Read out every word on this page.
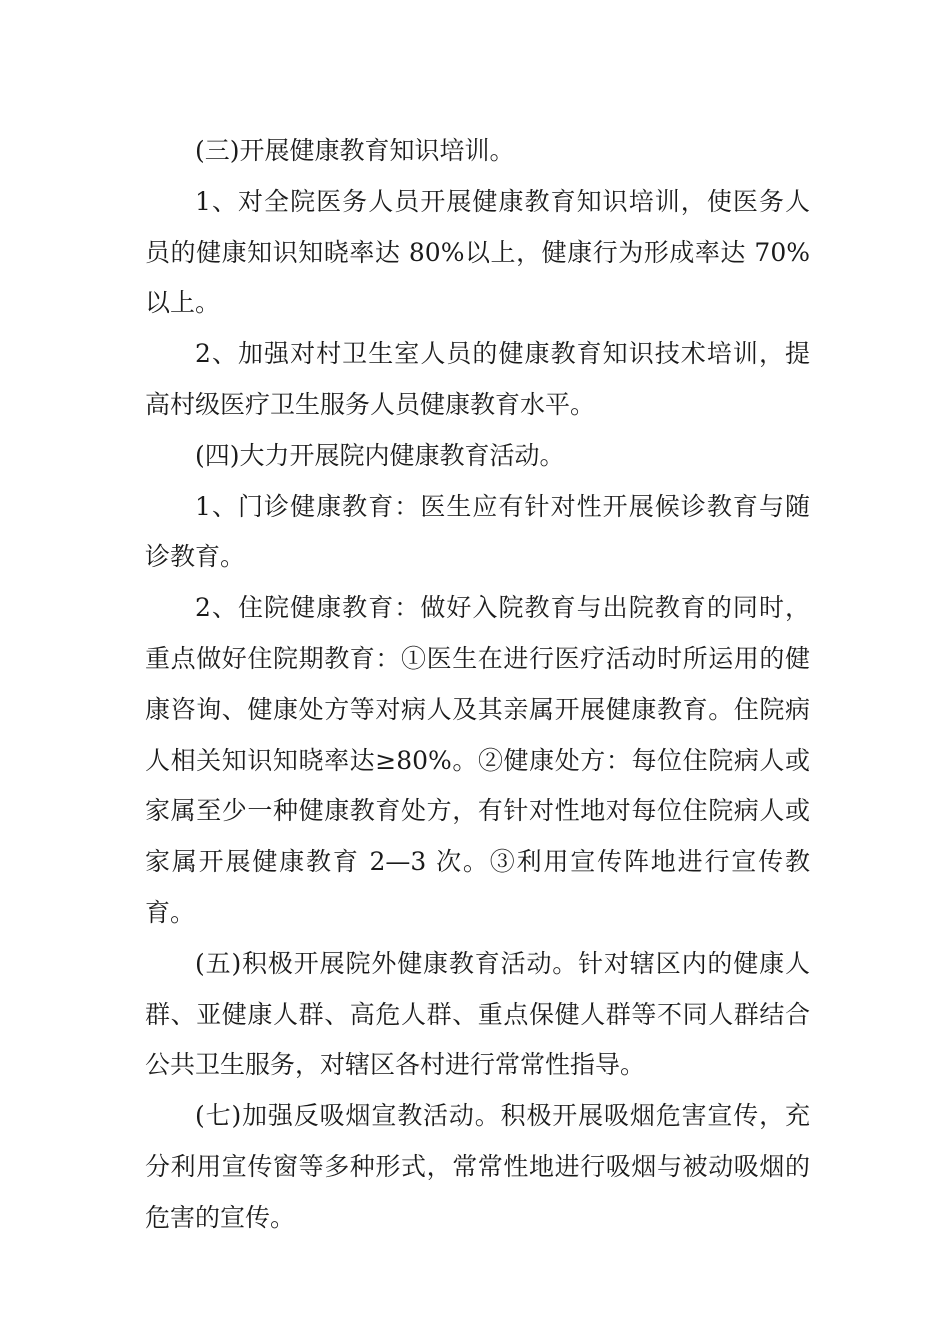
(三)开展健康教育知识培训。

1、对全院医务人员开展健康教育知识培训，使医务人员的健康知识知晓率达 80%以上，健康行为形成率达 70%以上。

2、加强对村卫生室人员的健康教育知识技术培训，提高村级医疗卫生服务人员健康教育水平。

(四)大力开展院内健康教育活动。

1、门诊健康教育：医生应有针对性开展候诊教育与随诊教育。

2、住院健康教育：做好入院教育与出院教育的同时，重点做好住院期教育：①医生在进行医疗活动时所运用的健康咨询、健康处方等对病人及其亲属开展健康教育。住院病人相关知识知晓率达≥80%。②健康处方：每位住院病人或家属至少一种健康教育处方，有针对性地对每位住院病人或家属开展健康教育 2—3 次。③利用宣传阵地进行宣传教育。

(五)积极开展院外健康教育活动。针对辖区内的健康人群、亚健康人群、高危人群、重点保健人群等不同人群结合公共卫生服务，对辖区各村进行常常性指导。

(七)加强反吸烟宣教活动。积极开展吸烟危害宣传，充分利用宣传窗等多种形式，常常性地进行吸烟与被动吸烟的危害的宣传。
